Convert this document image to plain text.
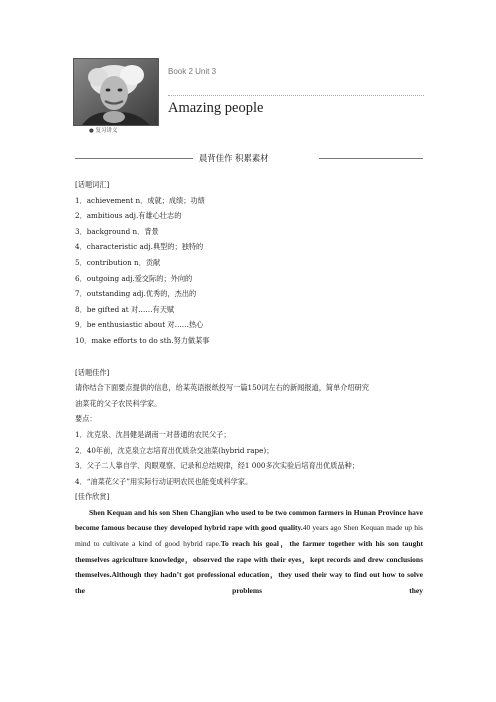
● 复习讲义
Book 2 Unit 3
Amazing people
晨背佳作 积累素材

[话题词汇]

1．achievement n．成就；成绩；功绩

2．ambitious adj.有雄心壮志的

3．background n．背景

4．characteristic adj.典型的；独特的

5．contribution n．贡献

6．outgoing adj.爱交际的；外向的

7．outstanding adj.优秀的，杰出的

8．be gifted at 对……有天赋

9．be enthusiastic about 对……热心

10．make efforts to do sth.努力做某事

[话题佳作]

请你结合下面要点提供的信息，给某英语报纸投写一篇150词左右的新闻报道，简单介绍研究

油菜花的父子农民科学家。

要点：

1．沈克泉、沈昌健是湖南一对普通的农民父子；

2．40年前，沈克泉立志培育出优质杂交油菜(hybrid rape)；

3．父子二人靠自学、肉眼观察、记录和总结规律，经1 000多次实验后培育出优质品种；

4．“油菜花父子”用实际行动证明农民也能变成科学家。

[佳作欣赏]

Shen Kequan and his son Shen Changjian who used to be two common farmers in Hunan Province have become famous because they developed hybrid rape with good quality.40 years ago Shen Kequan made up his mind to cultivate a kind of good hybrid rape.To reach his goal，the farmer together with his son taught themselves agriculture knowledge，observed the rape with their eyes，kept records and drew conclusions themselves.Although they hadn’t got professional education，they used their way to find out how to solve the problems they
